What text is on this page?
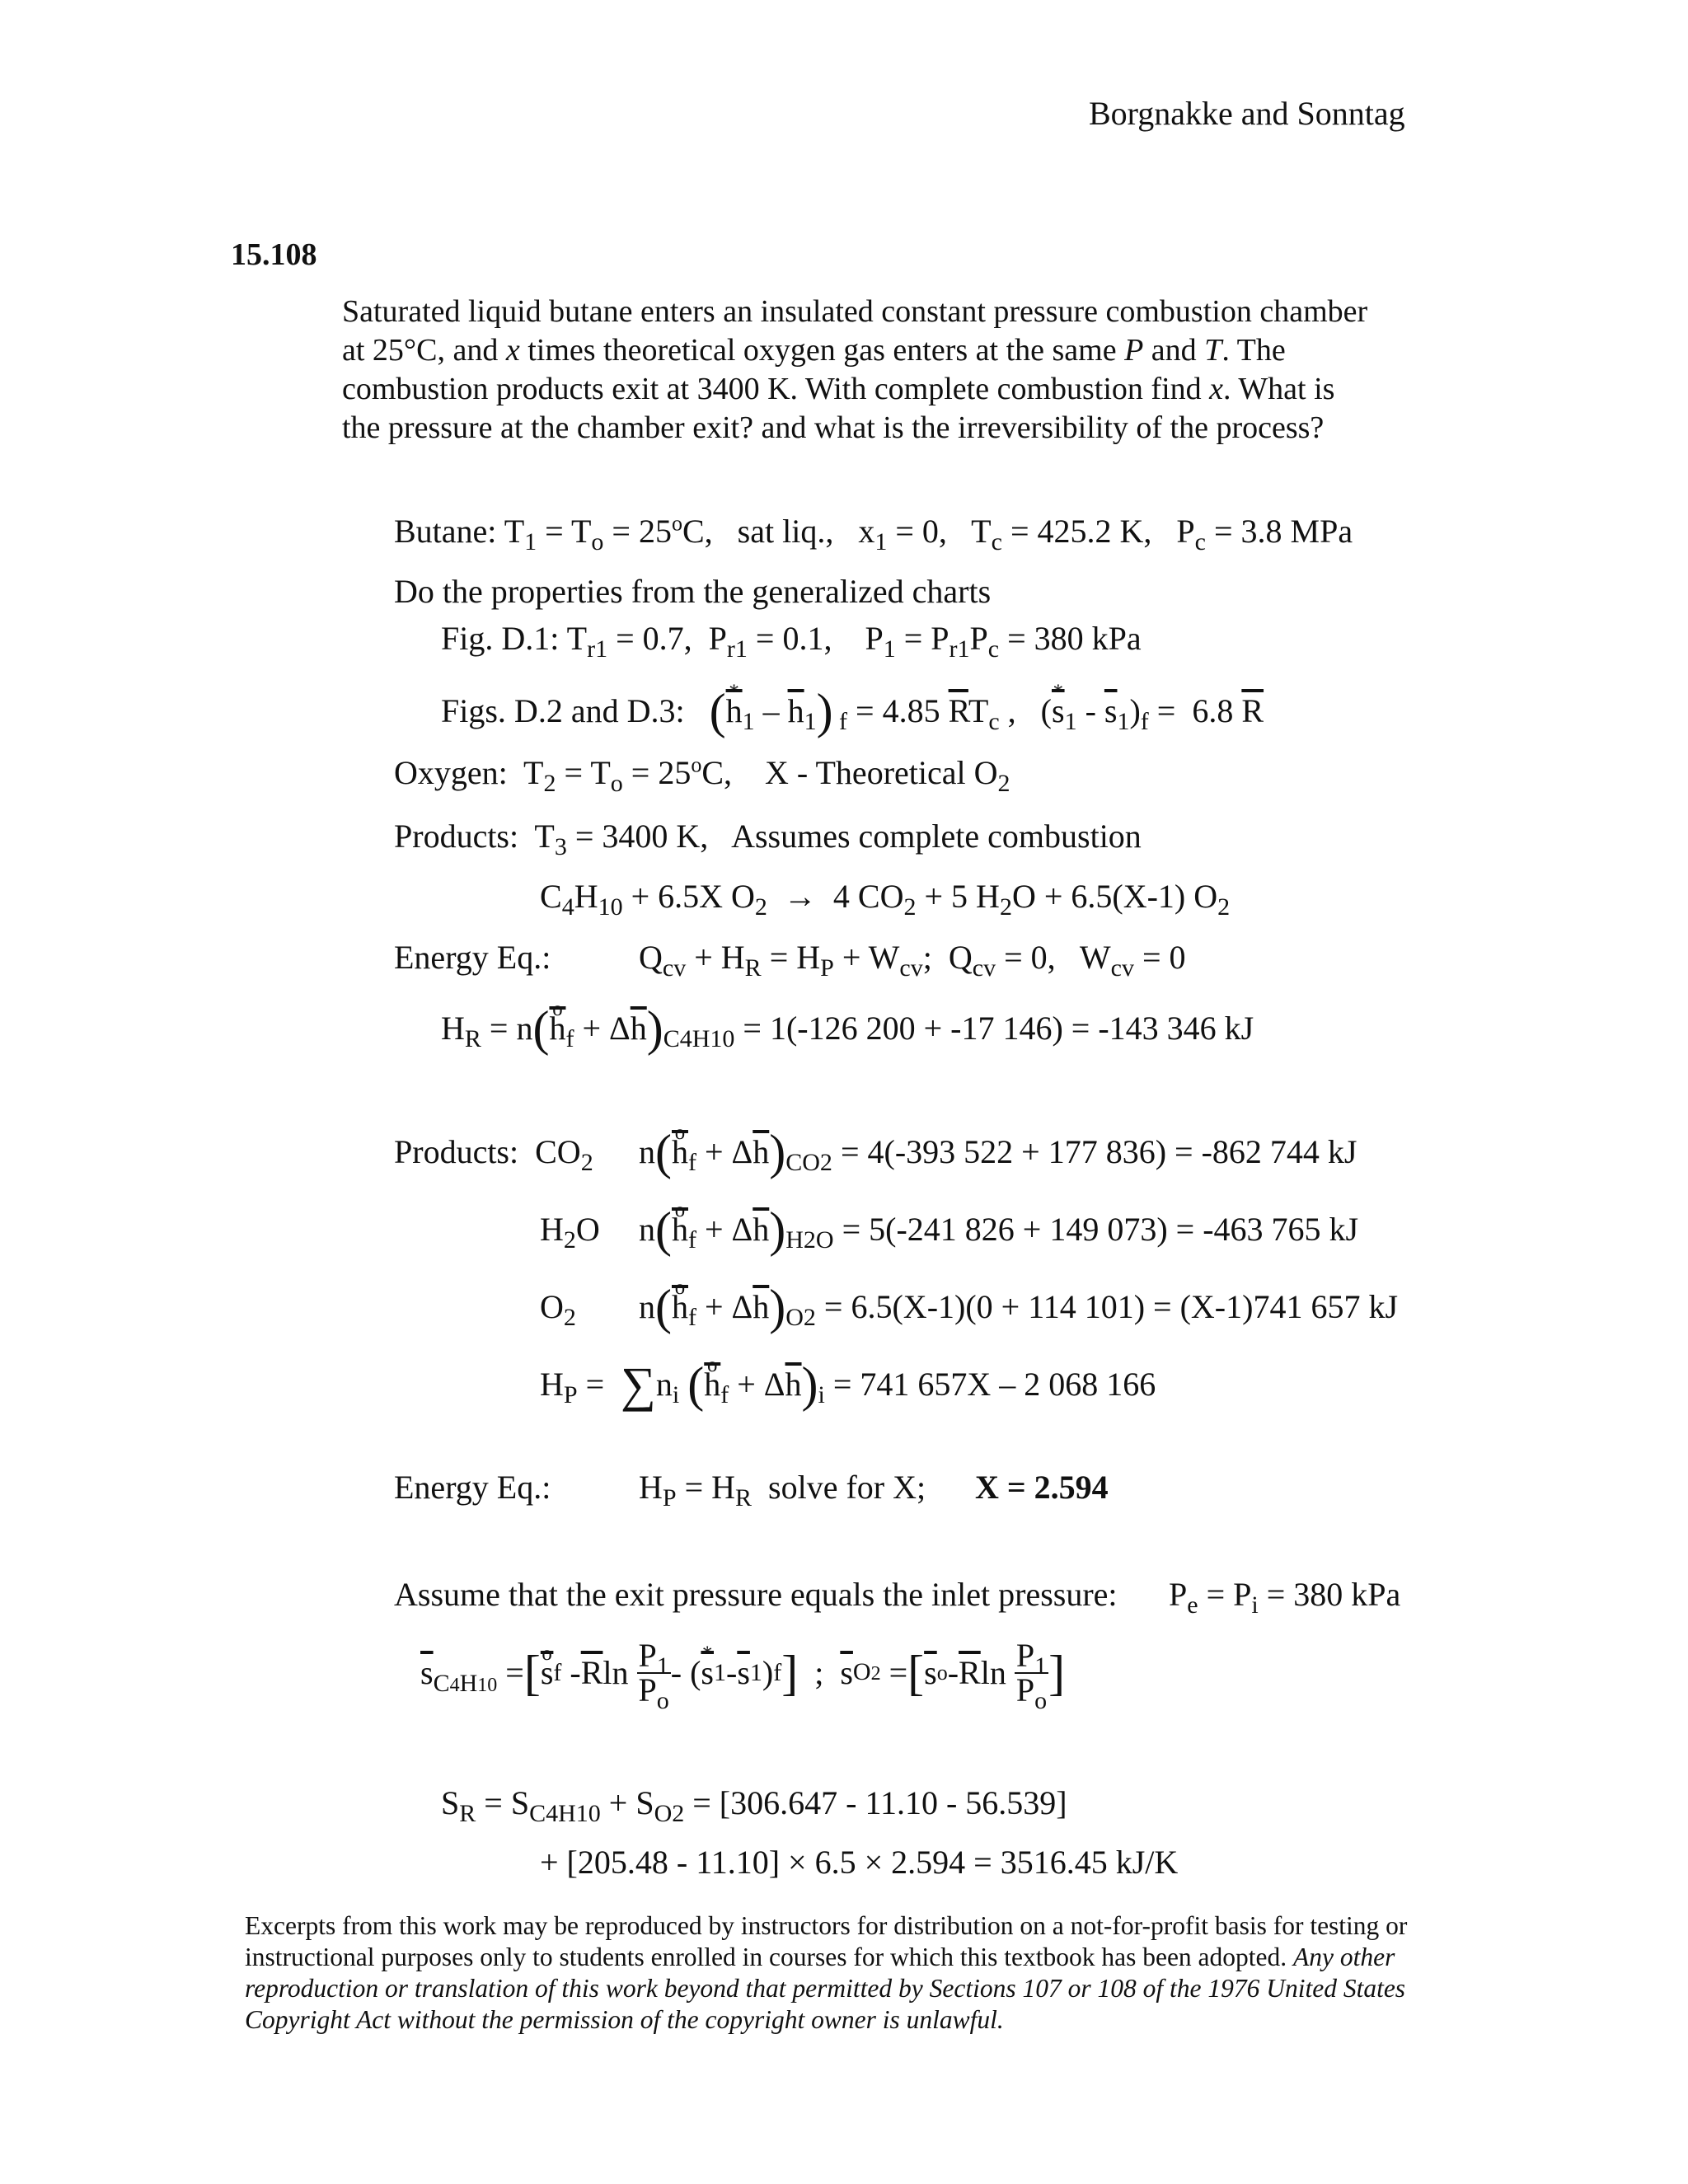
Borgnakke and Sonntag
15.108
Saturated liquid butane enters an insulated constant pressure combustion chamber
at 25°C, and x times theoretical oxygen gas enters at the same P and T. The
combustion products exit at 3400 K. With complete combustion find x. What is
the pressure at the chamber exit? and what is the irreversibility of the process?
Butane: $T_1 = T_o = 25^oC$,   sat liq.,   $x_1 = 0$,   $T_c = 425.2$ K,   $P_c = 3.8$ MPa
Do the properties from the generalized charts
Fig. D.1: $T_{r1} = 0.7$,  $P_{r1} = 0.1$,    $P_1 = P_{r1}P_c = 380$ kPa
Figs. D.2 and D.3: (* $\overline{h}_1 - \overline{h}_1$) $_f$ = 4.85 $\overline{R}T_c$ ,   (* $\overline{s}_1 - \overline{s}_1)_f = 6.8$ $\overline{R}$
Oxygen:  $T_2 = T_o = 25^oC$,    X - Theoretical $O_2$
Products:  $T_3 = 3400$ K,   Assumes complete combustion
$C_4H_{10} + 6.5X$ $O_2 \to 4$ $CO_2 + 5$ $H_2O + 6.5(X-1)$ $O_2$
Energy Eq.:	$Q_{cv} + H_R = H_P + W_{cv}$;  $Q_{cv} = 0$,   $W_{cv} = 0$
$H_R = n(o$ $\overline{h}_f + \Delta\overline{h})_{C4H10} = 1(-126$ 200 + -17 146) = -143 346 kJ
Products:  $CO_2$ n(o $\overline{h}_f + \Delta\overline{h})_{CO2} = 4(-393$ 522 + 177 836) = -862 744 kJ
$H_2O$ n(o $\overline{h}_f + \Delta\overline{h})_{H2O} = 5(-241$ 826 + 149 073) = -463 765 kJ
$O_2$ n(o $\overline{h}_f + \Delta\overline{h})_{O2} = 6.5(X-1)(0 + 114$ 101) = (X-1)741 657 kJ
$H_P = \sum n_i$ (o $\overline{h}_f + \Delta\overline{h})_i = 741$ 657X – 2 068 166
Energy Eq.:	$H_P = H_R$ solve for X; X = 2.594
Assume that the exit pressure equals the inlet pressure: $P_e = P_i = 380$ kPa
$\overline{s}_{C4H10}$ = [ o $\overline{s}$ f - $\overline{R}$ $\ln \frac{P_1}{P_o}$ - ( * $\overline{s}$ $1 - \overline{s}$ 1 ) f ] ; $\overline{s}$ O2 = [ $\overline{s}$ o - $\overline{R}$ $\ln \frac{P_1}{P_o}$ ]
$S_R = S_{C4H10} + S_{O2} = [306.647 - 11.10 - 56.539]$
+ [205.48 - 11.10] × 6.5 × 2.594 = 3516.45 kJ/K
Excerpts from this work may be reproduced by instructors for distribution on a not-for-profit basis for testing or instructional purposes only to students enrolled in courses for which this textbook has been adopted. Any other reproduction or translation of this work beyond that permitted by Sections 107 or 108 of the 1976 United States Copyright Act without the permission of the copyright owner is unlawful.
